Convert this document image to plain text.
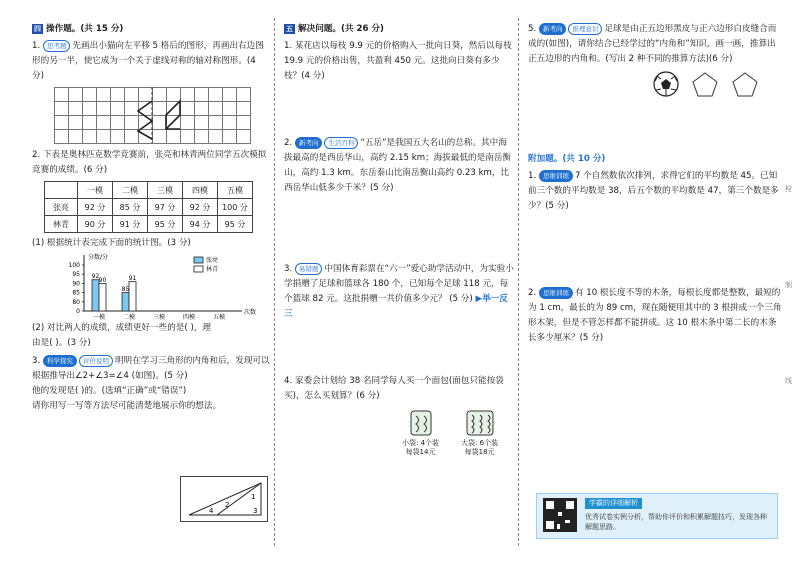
四 操作题。(共 15 分)

1. 思考题 先画出小猫向左平移 5 格后的图形，再画出右边图形的另一半，使它成为一个关于虚线对称的轴对称图形。(4 分)

2. 下表是奥林匹克数学竞赛前，张亮和林青两位同学五次模拟竞赛的成绩。(6 分)

	一模	二模	三模	四模	五模
张亮	92 分	85 分	97 分	92 分	100 分
林青	90 分	91 分	95 分	94 分	95 分

(1) 根据统计表完成下面的统计图。(3 分)

分数/分
次数
0
80
85
90
95
100
一模
92
90
二模
85
91
三模	四模	五模
张亮
林青

(2) 对比两人的成绩，成绩更好一些的是( )，理

由是( )。(3 分)

3. 科学探究 评价说明 明明在学习三角形的内角和后，发现可以根据推导出∠2+∠3=∠4 (如图)。(5 分)

他的发现是( )的。(选填“正确”或“错误”)

请你用写一写等方法尽可能清楚地展示你的想法。

4
2
1
3
五 解决问题。(共 26 分)

1. 某花店以每枝 9.9 元的价格购入一批向日葵，然后以每枝 19.9 元的价格出售，共盈利 450 元。这批向日葵有多少枝？(4 分)

2. 新考向 生活百科 “五岳”是我国五大名山的总称。其中海拔最高的是西岳华山，高约 2.15 km；海拔最低的是南岳衡山，高约 1.3 km。东岳泰山比南岳衡山高约 0.23 km，比西岳华山低多少千米？(5 分)

3. 易错题 中国体育彩票在“六一”爱心助学活动中，为实验小学捐赠了足球和篮球各 180 个，已知每个足球 118 元，每个篮球 82 元。这批捐赠一共价值多少元？ (5 分) ▶举一反三

4. 家委会计划给 38 名同学每人买一个面包(面包只能按袋买)，怎么买划算？(6 分)

小袋: 4个装
每袋14元
大袋: 6个装
每袋18元

5. 新考向 推理意识 足球是由正五边形黑皮与正六边形白皮缝合而成的(如图)，请你结合已经学过的“内角和”知识，画一画，推算出正五边形的内角和。(写出 2 种不同的推算方法)(6 分)

附加题。(共 10 分)

1. 思维训练 7 个自然数依次排列，求得它们的平均数是 45。已知前三个数的平均数是 38，后五个数的平均数是 47，第三个数是多少？(5 分)

2. 思维训练 有 10 根长度不等的木条，每根长度都是整数，最短的为 1 cm，最长的为 89 cm，现在随便用其中的 3 根拼成一个三角形木架，但是不管怎样都不能拼成。这 10 根木条中第二长的木条长多少厘米？(5 分)

学霸的详细解析
优秀试卷实例分析，帮助你评价和积累解题技巧，发现各种解题思路。
栓
制
线
